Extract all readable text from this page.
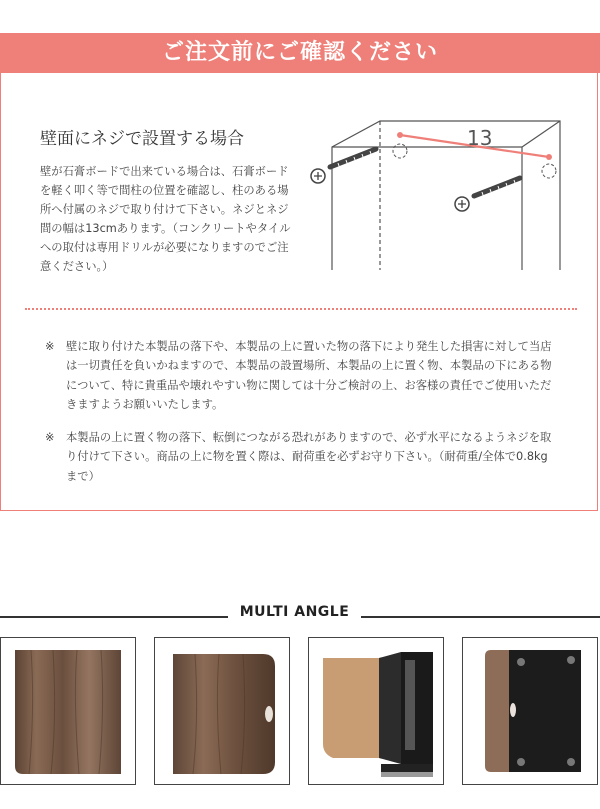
ご注文前にご確認ください
壁面にネジで設置する場合
壁が石膏ボードで出来ている場合は、石膏ボードを軽く叩く等で間柱の位置を確認し、柱のある場所へ付属のネジで取り付けて下さい。ネジとネジ間の幅は13cmあります。（コンクリートやタイルへの取付は専用ドリルが必要になりますのでご注意ください。）
13
※ 壁に取り付けた本製品の落下や、本製品の上に置いた物の落下により発生した損害に対して当店は一切責任を負いかねますので、本製品の設置場所、本製品の上に置く物、本製品の下にある物について、特に貴重品や壊れやすい物に関しては十分ご検討の上、お客様の責任でご使用いただきますようお願いいたします。
※ 本製品の上に置く物の落下、転倒につながる恐れがありますので、必ず水平になるようネジを取り付けて下さい。商品の上に物を置く際は、耐荷重を必ずお守り下さい。（耐荷重/全体で0.8kgまで）
MULTI ANGLE
